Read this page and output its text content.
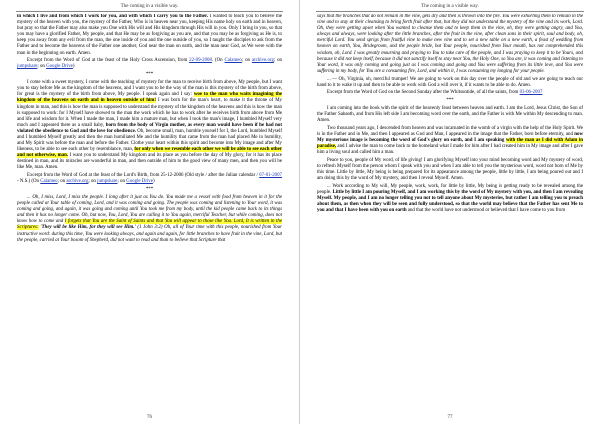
The coming in a visible way.

in which I live and from which I work for you, and with which I carry you to the Father. I wanted to teach you to believe the mystery of the heaven with you, the mystery of the Father, Who is in heaven near you, keeping His name holy on earth and in heaven, but pray so that the Father may also make you One with His will and His kingdom through His will in you. Only I bring in you, so that you may have a glorified Father, My people, and that He may be as forgiving as you are, and that you may be as forgiving as He is, to keep you away from any evil from the man, the one inside of you and the one outside of you, so I taught the disciples to ask from the Father and to become the heavens of the Father one another, God near the man on earth, and the man near God, as We were with the man in the beginning on earth. Amen.

Excerpt from the Word of God at the feast of the Holy Cross Ascension, from 22-09-2008. (On Calameo; on archive.org; on jumpshare; on Google Drive)

***

I come with a sweet mystery, I come with the teaching of mystery for the man to receive birth from above, My people, but I want you to stay before Me as the kingdom of the heavens, and I want you to be the way of the man is this mystery of the birth from above, for great is the mystery of the birth from above, My people. I speak again and I say: woe to the man who waits imagining the kingdom of the heavens on earth and in heaven outside of him! I was born for the man's heart, to make it the throne of My kingdom in man, and this is how the man is supposed to understand the mystery of the kingdom of the heavens and this is how the man is supposed to work: for I Myself have showed to the man the work which he has to work after he receives birth from above from Me and life and wisdom for it. When I made the man, I made him a mature man, but when I took the man's image, I humbled Myself very much and I appeared there as a small baby, born from the body of Virgin mother, as every man would have been if he had not violated the obedience to God and the love for obedience. Oh, become small, man, humble yourself for I, the Lord, humbled Myself and I humbled Myself greatly and then the man humiliated Me and the humility that came from the man had placed Me in humility, and My Spirit was before the man and before the Father. Clothe your heart within this spirit and become into My image and after My likeness, to be able to see each other by resemblance, man, for only when we resemble each other we will be able to see each other and not otherwise, man. I want you to understand My kingdom and its place as you before the day of My glory, for it has its place destined in man, and its miracles are wonderful in man, and then outside of him to the good view of many men, and then you will be like Me, man. Amen.

Excerpt from the Word of God at the feast of the Lord's Birth, from 25-12-2006 (Old style / after the Julian calendar / 07-01-2007 - N.S.) (On Calameo; on archive.org; on jumpshare; on Google Drive)

***

... Oh, I miss, Lord, I miss the people. I long after it just as You do. You made me a vessel with food from heaven in it for the people called at Your table of coming, Lord, and it was coming and going. The people was coming and listening to Your word, it was coming and going, and again, it was going and coming until You took me from my body, until the kid people came back to its things and then it has no longer come. Oh, but now, You, Lord, You are calling it to You again, merciful Teacher, but while coming, does not know how to come and I forgets that You are the Saint of Saints and that You will appear to those like You. Lord, It is written in the Scriptures: 'They will be like Him, for they will see Him.' (1 John 3:2) Oh, all of Your time with this people, nourished from Your instructive word: during this time, You were looking always, and again and again, for little branches to have fruit in the vine, Lord, but the people, carried at Your bosom of Shepherd, did not want to read and than to believe that Scripture that

76
The coming in a visible way.

says that the branches that do not remain in the vine, gets dry and then is thrown into the fire. You were exhorting them to remain in the vine and to stay at their cleansing to bring forth fruit after that, but they did not understand the mystery of the vine and its work, Lord. Oh, they were getting upset when You wanted to cleanse them and to keep them in the vine, oh, they were getting angry, and You, always and always, were looking after the little branches, after the fruit in the vine, after clean sons in their spirit, soul and body, oh, merciful Lord. You send sprigs from fruitful vine to make new vine and to set a new table on a new earth, a feast of wedding from heaven on earth, You, Bridegroom, and the people bride, but Your people, nourished from Your mouth, has not comprehended this wisdom, oh, Lord. I was greatly mourning and praying to You to take care of the people, and I was praying to keep it to be Yours, and because it did not keep itself, because it did not sanctify itself to stay near You, the Holy One, so You are, it was coming and listening to Your word, it was only coming and going just as I was coming and going and You were suffering from its little love, and You were suffering in my body, for You are a consuming fire, Lord, and within it, I was consuming my longing for your people.

... — Oh, Virginia, oh, merciful trumpet! We are going to work on this day over the people of old and we are going to teach our hand to it to wake it up and then to be able to work with God a will over it, if it wants to be able to do. Amen.

Excerpt from the Word of God on the Second Sunday after the Whitsuntide, of all the saints, from 03-06-2007

***

I am coming into the book with the spirit of the heavenly feast between heaven and earth. I am the Lord, Jesus Christ, the Son of the Father Sabaoth, and from His left side I am becoming word over the earth, and the Father is with Me within My descending to man. Amen.

Two thousand years ago, I descended from heaven and was incarnated in the womb of a virgin with the help of the Holy Spirit. We is in the Father and in Me, and then I appeared as God and Man, I appeared in the image that the Father, born before eternity, and now My mysterious image is becoming the word of God's glory on earth, and I am speaking with the man as I did with Adam in paradise, and I advise the man to come back to the homeland what I made for him after I had created him in My image and after I gave him a living soul and called him a man.

Peace to you, people of My word, of life giving! I am glorifying Myself into your mind becoming word and My mystery of word, to refresh Myself from the person whom I speak with you and when I am able to tell you the mysterious word, word not born of Me by this time. Little by little, My being is being prepared for its appearance among the people, little by little, I am being poured out and I am doing this by the word of My mystery, and then I reveal Myself. Amen.

... Work according to My will, My people, work, work, for little by little, My being is getting ready to be revealed among the people. Little by little I am pouring Myself, and I am working this by the word of My mystery with you, and then I am revealing Myself. My people, and I am no longer telling you not to tell anyone about My mysteries, but rather I am telling you to preach about them, as then when they will be seen and fully understood, so that the world may believe that the Father has sent Me to you and that I have been with you on earth and that the world have not understood or believed that I have come to you from

77
